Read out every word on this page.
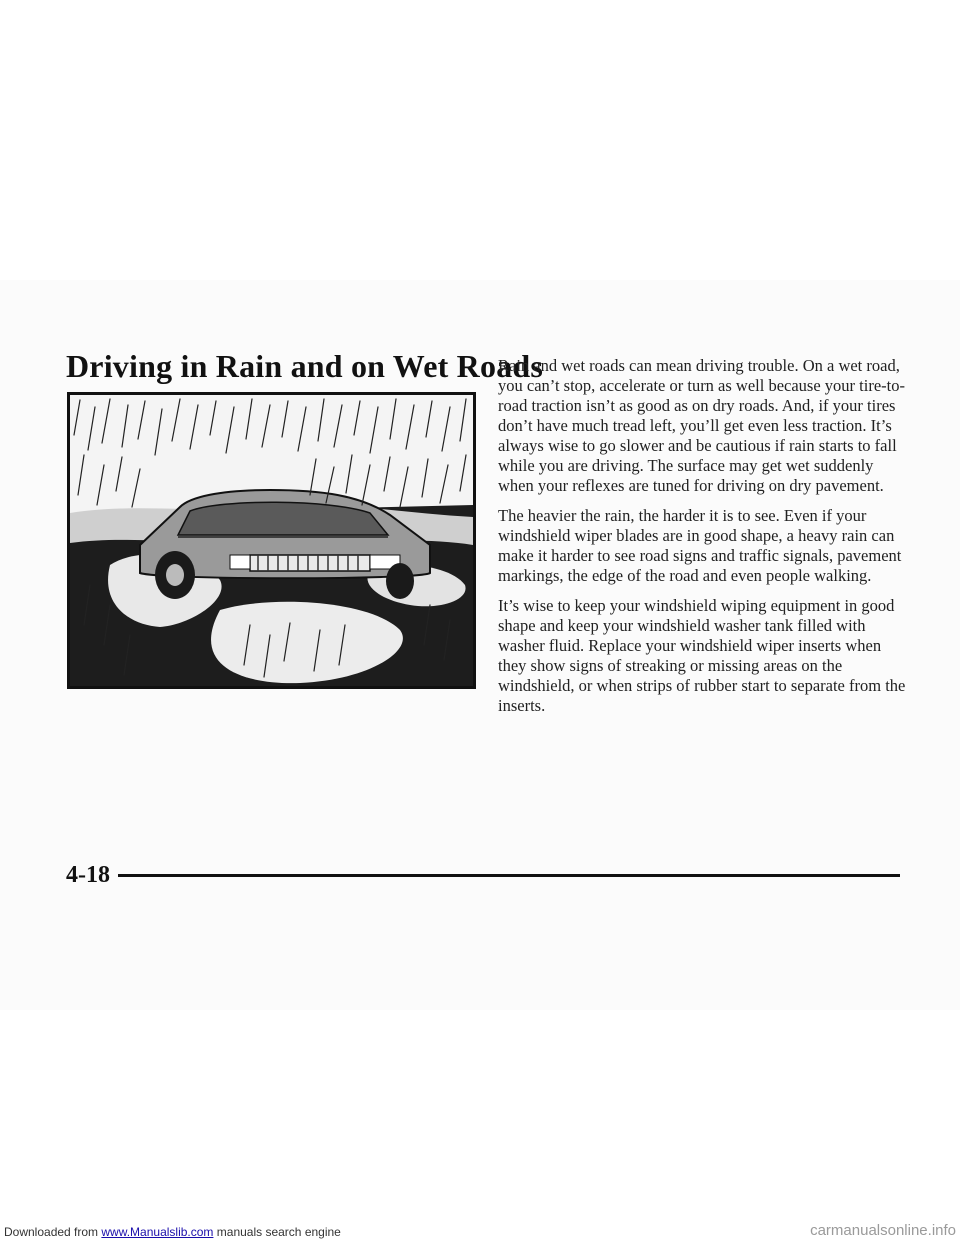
Driving in Rain and on Wet Roads

Rain and wet roads can mean driving trouble. On a wet road, you can’t stop, accelerate or turn as well because your tire-to-road traction isn’t as good as on dry roads. And, if your tires don’t have much tread left, you’ll get even less traction. It’s always wise to go slower and be cautious if rain starts to fall while you are driving. The surface may get wet suddenly when your reflexes are tuned for driving on dry pavement.

The heavier the rain, the harder it is to see. Even if your windshield wiper blades are in good shape, a heavy rain can make it harder to see road signs and traffic signals, pavement markings, the edge of the road and even people walking.

It’s wise to keep your windshield wiping equipment in good shape and keep your windshield washer tank filled with washer fluid. Replace your windshield wiper inserts when they show signs of streaking or missing areas on the windshield, or when strips of rubber start to separate from the inserts.

4-18
Downloaded from www.Manualslib.com manuals search engine	carmanualsonline.info
